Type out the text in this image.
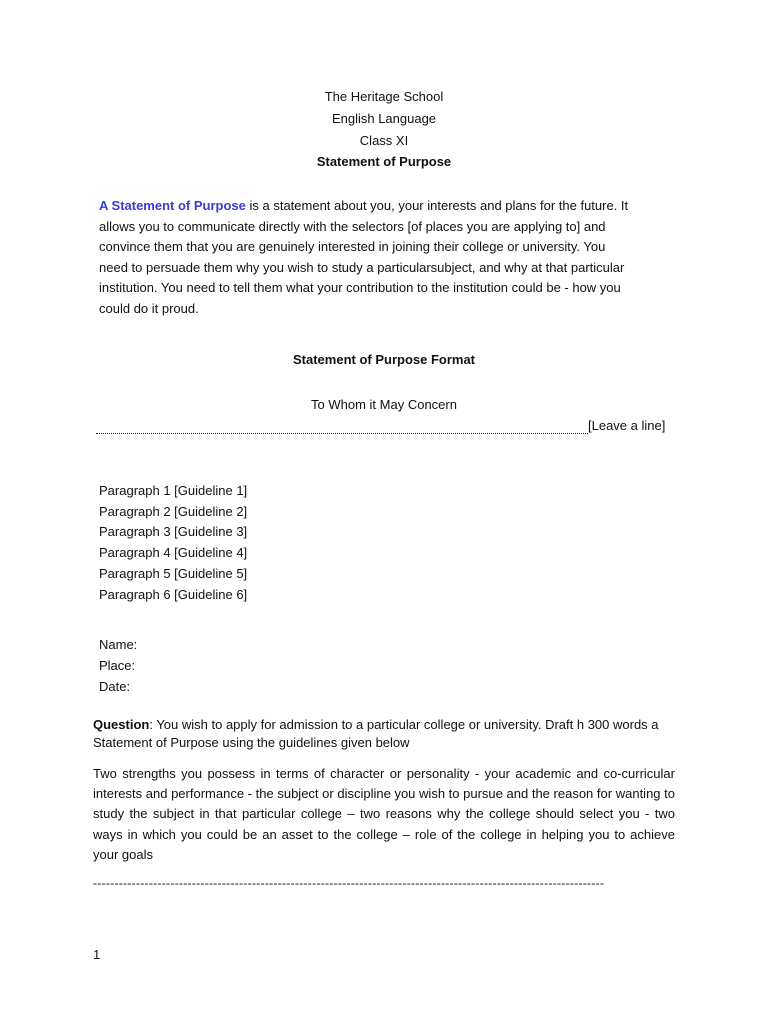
The Heritage School
English Language
Class XI
Statement of Purpose
A Statement of Purpose is a statement about you, your interests and plans for the future. It allows you to communicate directly with the selectors [of places you are applying to] and convince them that you are genuinely interested in joining their college or university. You need to persuade them why you wish to study a particularsubject, and why at that particular institution. You need to tell them what your contribution to the institution could be - how you could do it proud.
Statement of Purpose Format
To Whom it May Concern
[Leave a line]
Paragraph 1 [Guideline 1]
Paragraph 2 [Guideline 2]
Paragraph 3 [Guideline 3]
Paragraph 4 [Guideline 4]
Paragraph 5 [Guideline 5]
Paragraph 6 [Guideline 6]
Name:
Place:
Date:
Question: You wish to apply for admission to a particular college or university. Draft h 300 words a Statement of Purpose using the guidelines given below
Two strengths you possess in terms of character or personality - your academic and co-curricular interests and performance - the subject or discipline you wish to pursue and the reason for wanting to study the subject in that particular college – two reasons why the college should select you - two ways in which you could be an asset to the college – role of the college in helping you to achieve your goals
-----------------------------------------------------------------------------------------------------------------------
1
